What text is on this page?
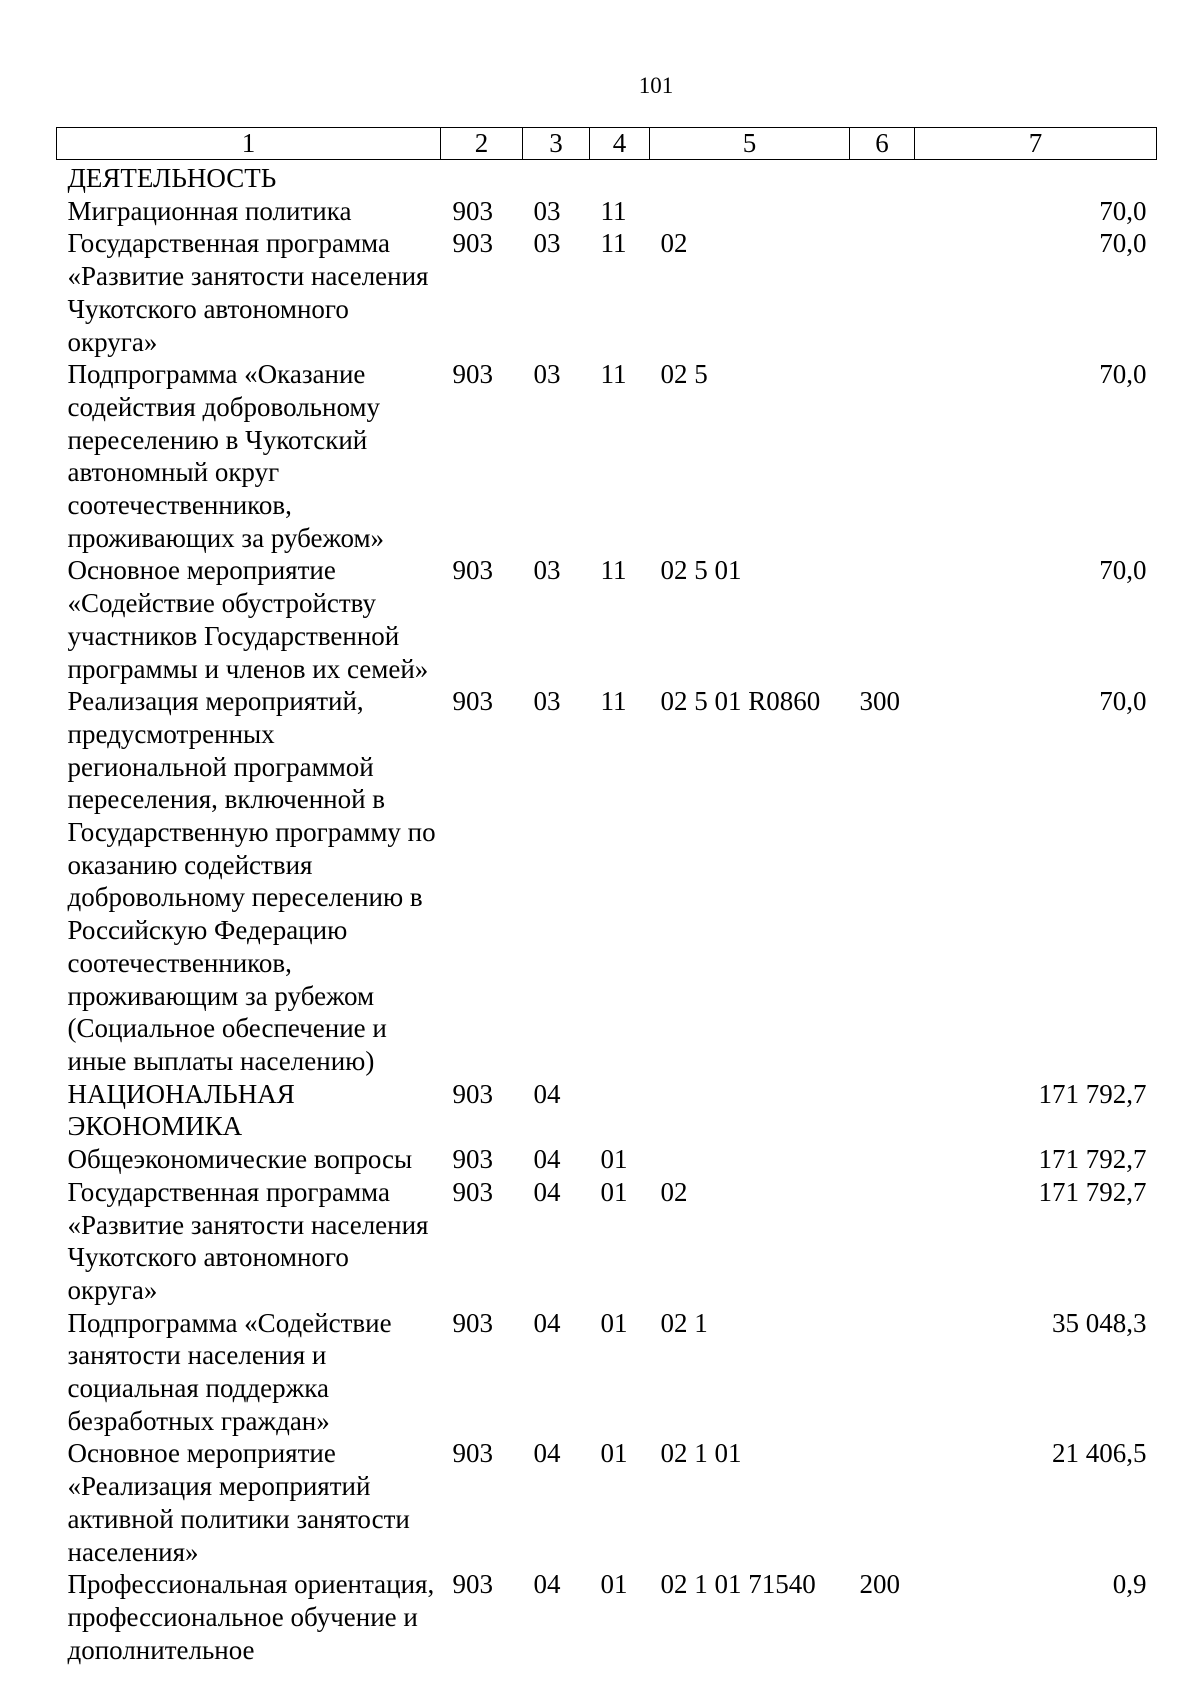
101
1	2	3	4	5	6	7
ДЕЯТЕЛЬНОСТЬ						
Миграционная политика	903	03	11			70,0
Государственная программа «Развитие занятости населения Чукотского автономного округа»	903	03	11	02		70,0
Подпрограмма «Оказание содействия добровольному переселению в Чукотский автономный округ соотечественников, проживающих за рубежом»	903	03	11	02 5		70,0
Основное мероприятие «Содействие обустройству участников Государственной программы и членов их семей»	903	03	11	02 5 01		70,0
Реализация мероприятий, предусмотренных региональной программой переселения, включенной в Государственную программу по оказанию содействия добровольному переселению в Российскую Федерацию соотечественников, проживающим за рубежом (Социальное обеспечение и иные выплаты населению)	903	03	11	02 5 01 R0860	300	70,0
НАЦИОНАЛЬНАЯ ЭКОНОМИКА	903	04				171 792,7
Общеэкономические вопросы	903	04	01			171 792,7
Государственная программа «Развитие занятости населения Чукотского автономного округа»	903	04	01	02		171 792,7
Подпрограмма «Содействие занятости населения и социальная поддержка безработных граждан»	903	04	01	02 1		35 048,3
Основное мероприятие «Реализация мероприятий активной политики занятости населения»	903	04	01	02 1 01		21 406,5
Профессиональная ориентация, профессиональное обучение и дополнительное	903	04	01	02 1 01 71540	200	0,9
